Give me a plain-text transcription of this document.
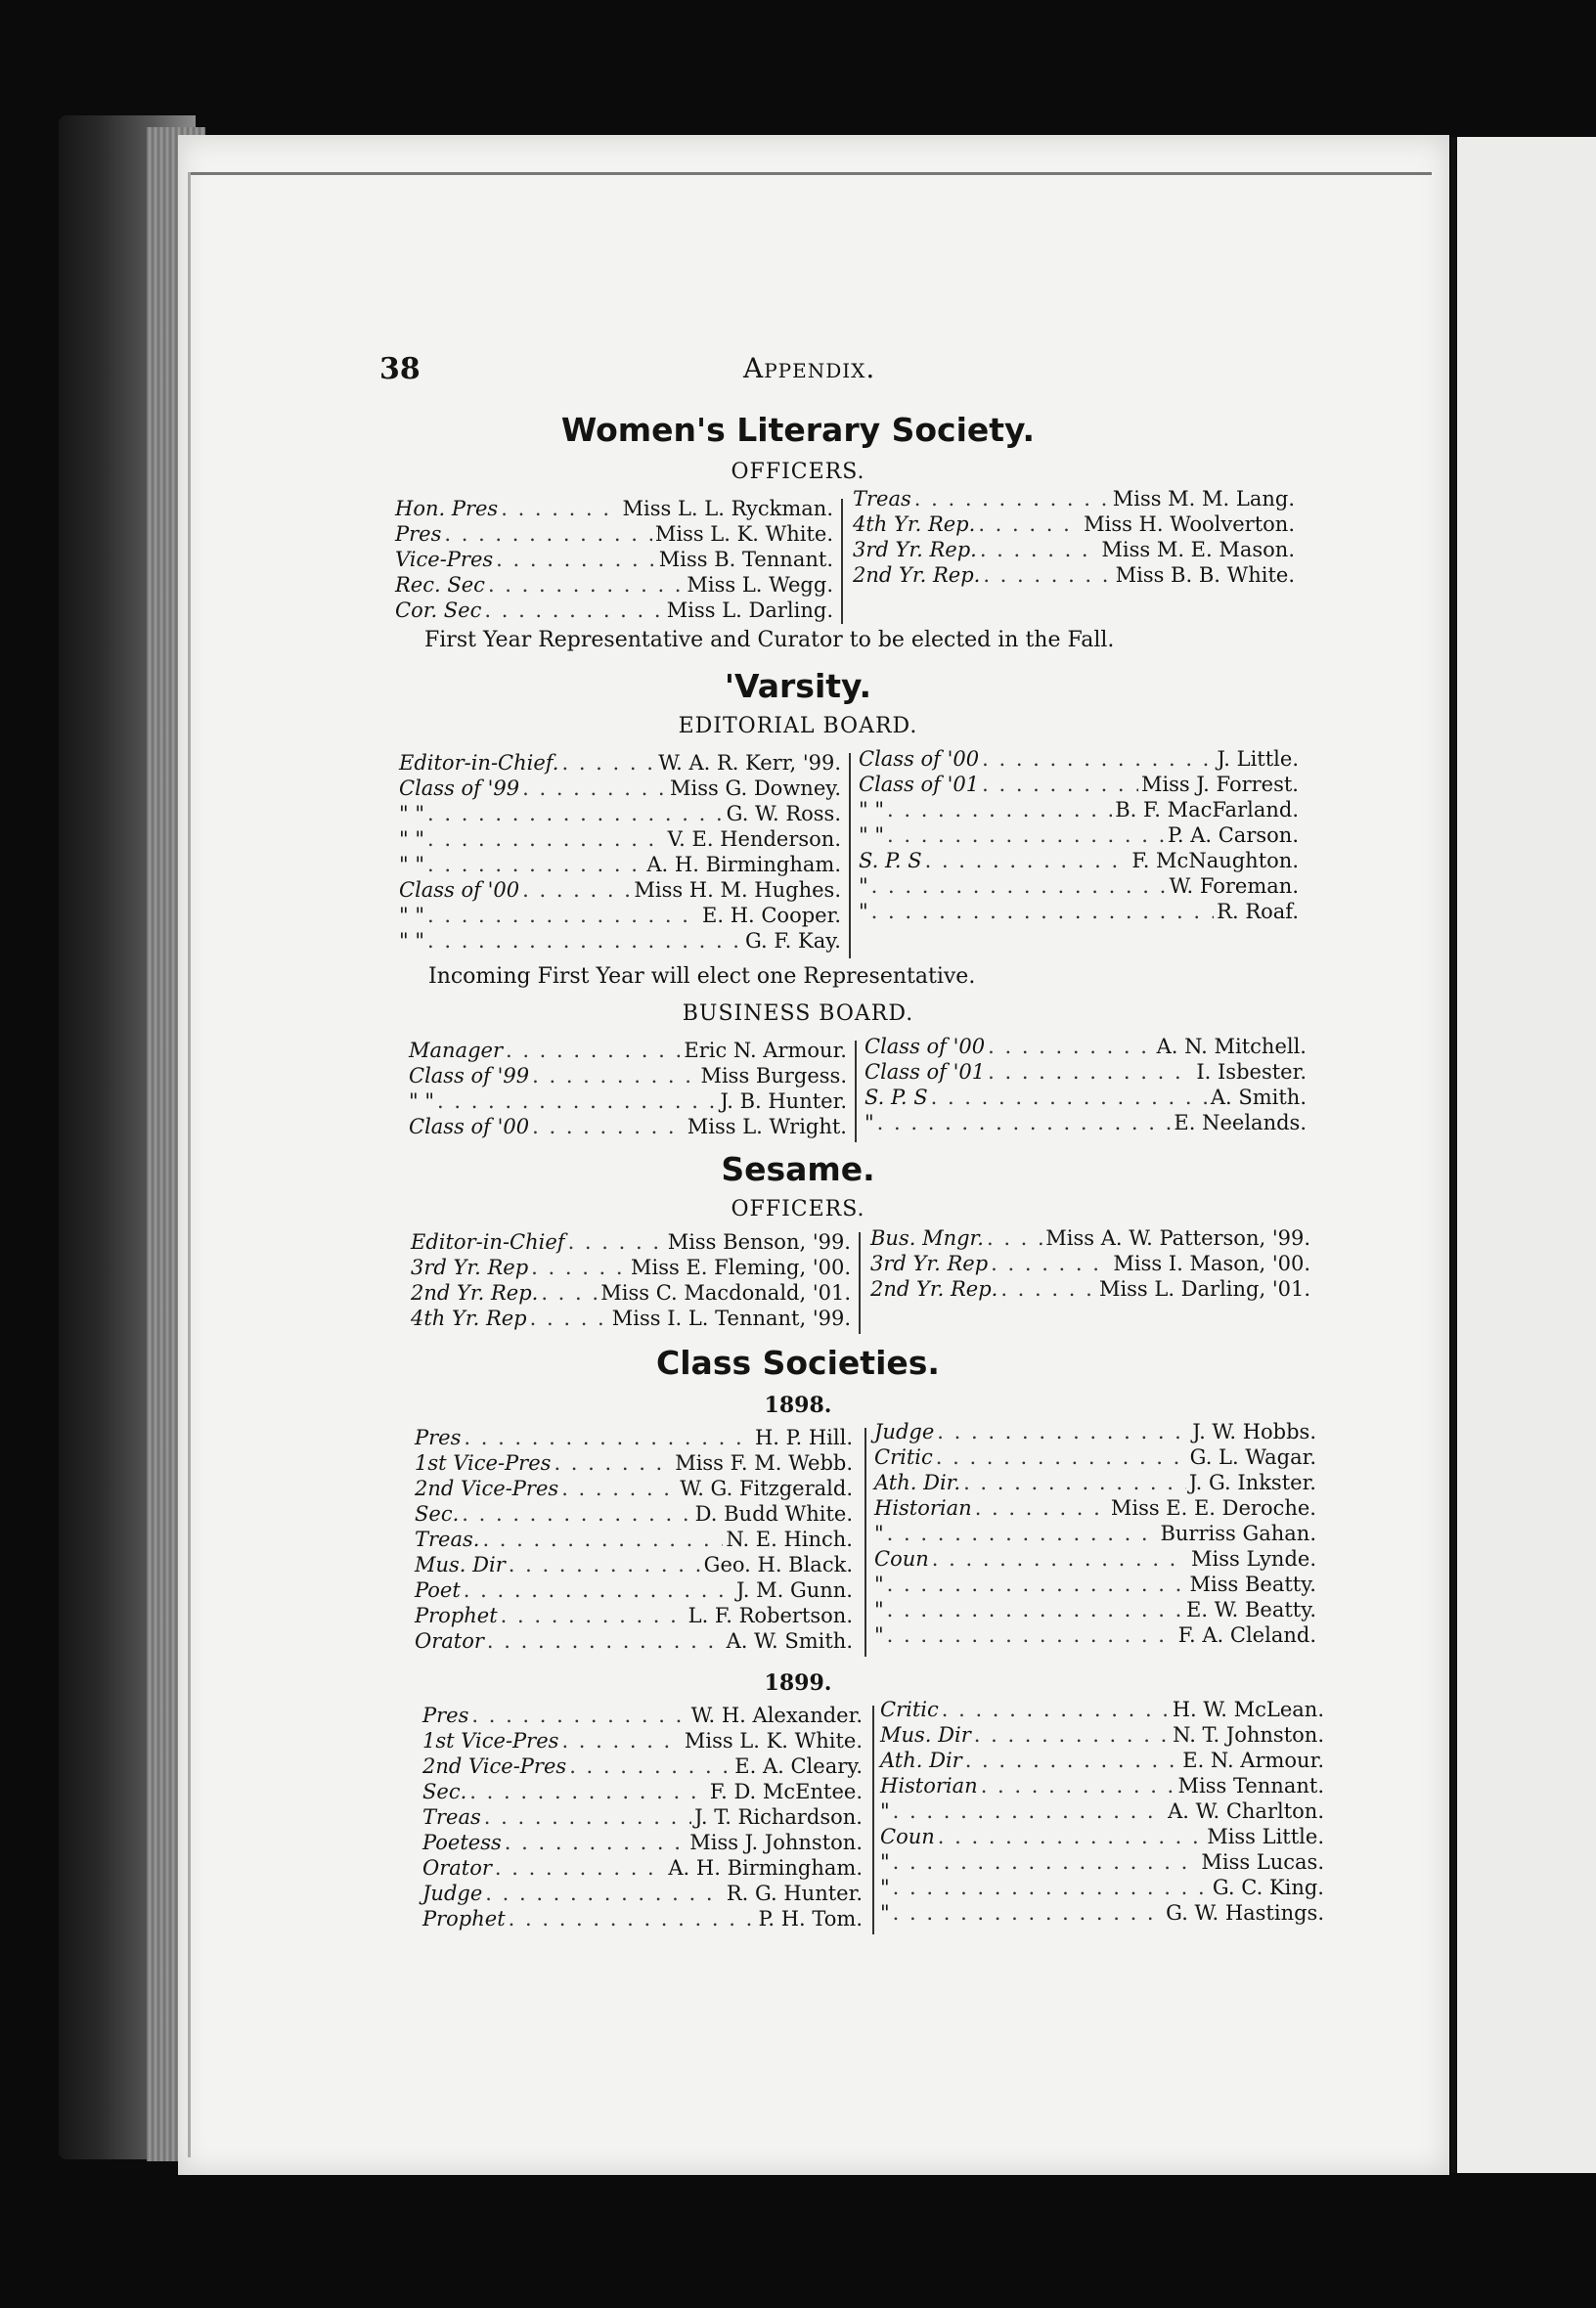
38	Appendix.
Women's Literary Society.
OFFICERS.
Hon. Pres . . .	Miss L. L. Ryckman.
Pres . . .	Miss L. K. White.
Vice-Pres . . .	Miss B. Tennant.
Rec. Sec . . .	Miss L. Wegg.
Cor. Sec . . .	Miss L. Darling.
Treas . . .	Miss M. M. Lang.
4th Yr. Rep. . . .	Miss H. Woolverton.
3rd Yr. Rep. . . .	Miss M. E. Mason.
2nd Yr. Rep. . . .	Miss B. B. White.
First Year Representative and Curator to be elected in the Fall.
'Varsity.
EDITORIAL BOARD.
Editor-in-Chief. . . .	W. A. R. Kerr, '99.
Class of '99 . . .	Miss G. Downey.
" " . . .	G. W. Ross.
" " . . .	V. E. Henderson.
" " . . .	A. H. Birmingham.
Class of '00 . . .	Miss H. M. Hughes.
" " . . .	E. H. Cooper.
" " . . .	G. F. Kay.
Class of '00 . . .	J. Little.
Class of '01 . . .	Miss J. Forrest.
" " . . .	B. F. MacFarland.
" " . . .	P. A. Carson.
S. P. S . . .	F. McNaughton.
" . . .	W. Foreman.
" . . .	R. Roaf.
Incoming First Year will elect one Representative.
BUSINESS BOARD.
Manager . . .	Eric N. Armour.
Class of '99 . . .	Miss Burgess.
" " . . .	J. B. Hunter.
Class of '00 . . .	Miss L. Wright.
Class of '00 . . .	A. N. Mitchell.
Class of '01 . . .	I. Isbester.
S. P. S . . .	A. Smith.
" . . .	E. Neelands.
Sesame.
OFFICERS.
Editor-in-Chief . . .	Miss Benson, '99.
3rd Yr. Rep . . .	Miss E. Fleming, '00.
2nd Yr. Rep. . . .	Miss C. Macdonald, '01.
4th Yr. Rep . . .	Miss I. L. Tennant, '99.
Bus. Mngr. . . .	Miss A. W. Patterson, '99.
3rd Yr. Rep . . .	Miss I. Mason, '00.
2nd Yr. Rep. . . .	Miss L. Darling, '01.
Class Societies.
1898.
Pres . . .	H. P. Hill.
1st Vice-Pres . . .	Miss F. M. Webb.
2nd Vice-Pres . . .	W. G. Fitzgerald.
Sec. . . .	D. Budd White.
Treas. . . .	N. E. Hinch.
Mus. Dir . . .	Geo. H. Black.
Poet . . .	J. M. Gunn.
Prophet . . .	L. F. Robertson.
Orator . . .	A. W. Smith.
Judge . . .	J. W. Hobbs.
Critic . . .	G. L. Wagar.
Ath. Dir. . . .	J. G. Inkster.
Historian . . .	Miss E. E. Deroche.
" . . .	Burriss Gahan.
Coun . . .	Miss Lynde.
" . . .	Miss Beatty.
" . . .	E. W. Beatty.
" . . .	F. A. Cleland.
1899.
Pres . . .	W. H. Alexander.
1st Vice-Pres . . .	Miss L. K. White.
2nd Vice-Pres . . .	E. A. Cleary.
Sec. . . .	F. D. McEntee.
Treas . . .	J. T. Richardson.
Poetess . . .	Miss J. Johnston.
Orator . . .	A. H. Birmingham.
Judge . . .	R. G. Hunter.
Prophet . . .	P. H. Tom.
Critic . . .	H. W. McLean.
Mus. Dir . . .	N. T. Johnston.
Ath. Dir . . .	E. N. Armour.
Historian . . .	Miss Tennant.
" . . .	A. W. Charlton.
Coun . . .	Miss Little.
" . . .	Miss Lucas.
" . . .	G. C. King.
" . . .	G. W. Hastings.
